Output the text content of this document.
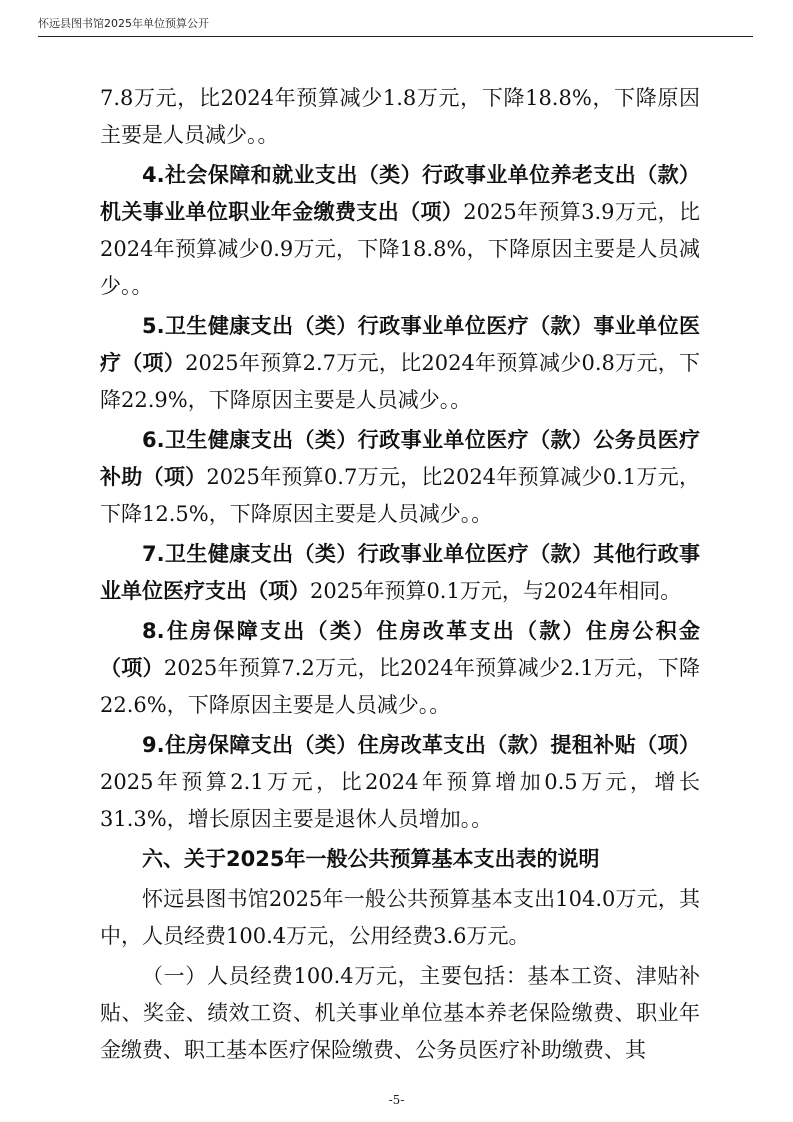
怀远县图书馆2025年单位预算公开

7.8万元，比2024年预算减少1.8万元，下降18.8%，下降原因主要是人员减少。。

4.社会保障和就业支出（类）行政事业单位养老支出（款）机关事业单位职业年金缴费支出（项）2025年预算3.9万元，比2024年预算减少0.9万元，下降18.8%，下降原因主要是人员减少。。

5.卫生健康支出（类）行政事业单位医疗（款）事业单位医疗（项）2025年预算2.7万元，比2024年预算减少0.8万元，下降22.9%，下降原因主要是人员减少。。

6.卫生健康支出（类）行政事业单位医疗（款）公务员医疗补助（项）2025年预算0.7万元，比2024年预算减少0.1万元，下降12.5%，下降原因主要是人员减少。。

7.卫生健康支出（类）行政事业单位医疗（款）其他行政事业单位医疗支出（项）2025年预算0.1万元，与2024年相同。

8.住房保障支出（类）住房改革支出（款）住房公积金（项）2025年预算7.2万元，比2024年预算减少2.1万元，下降22.6%，下降原因主要是人员减少。。

9.住房保障支出（类）住房改革支出（款）提租补贴（项）2025年预算2.1万元，比2024年预算增加0.5万元，增长31.3%，增长原因主要是退休人员增加。。

六、关于2025年一般公共预算基本支出表的说明

怀远县图书馆2025年一般公共预算基本支出104.0万元，其中，人员经费100.4万元，公用经费3.6万元。

（一）人员经费100.4万元，主要包括：基本工资、津贴补贴、奖金、绩效工资、机关事业单位基本养老保险缴费、职业年金缴费、职工基本医疗保险缴费、公务员医疗补助缴费、其

-5-
